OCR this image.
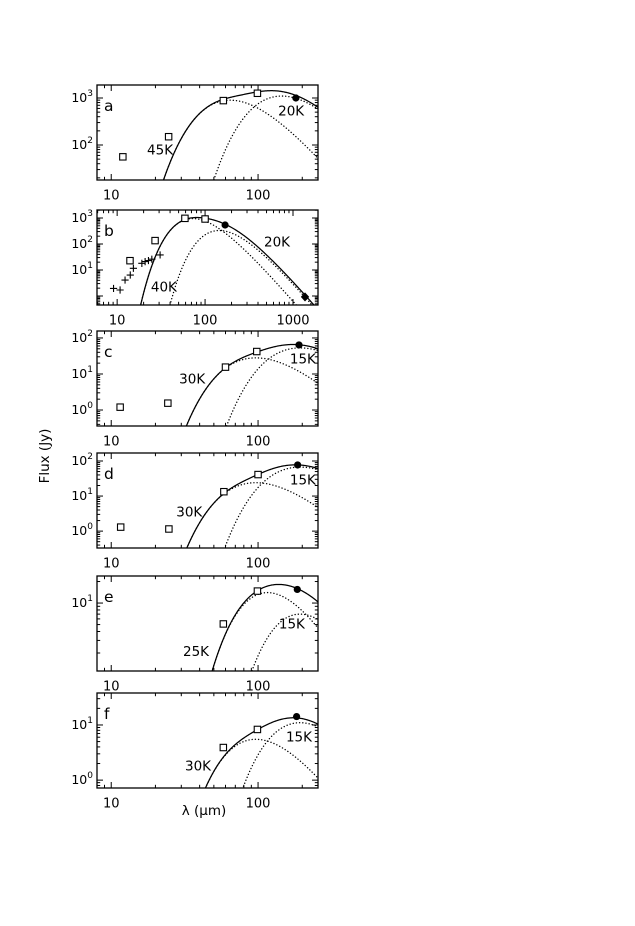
a
45K
20K
10	100
$10^2$
$10^3$
b
40K
20K
10	100	1000
$10^1$
$10^2$
$10^3$
c
30K
15K
10	100
$10^0$
$10^1$
$10^2$
d
30K
15K
10	100
$10^0$
$10^1$
$10^2$
e
25K
15K
10	100
$10^1$
f
30K
15K
10	100
$10^0$
$10^1$
Flux (Jy)
λ (μm)
